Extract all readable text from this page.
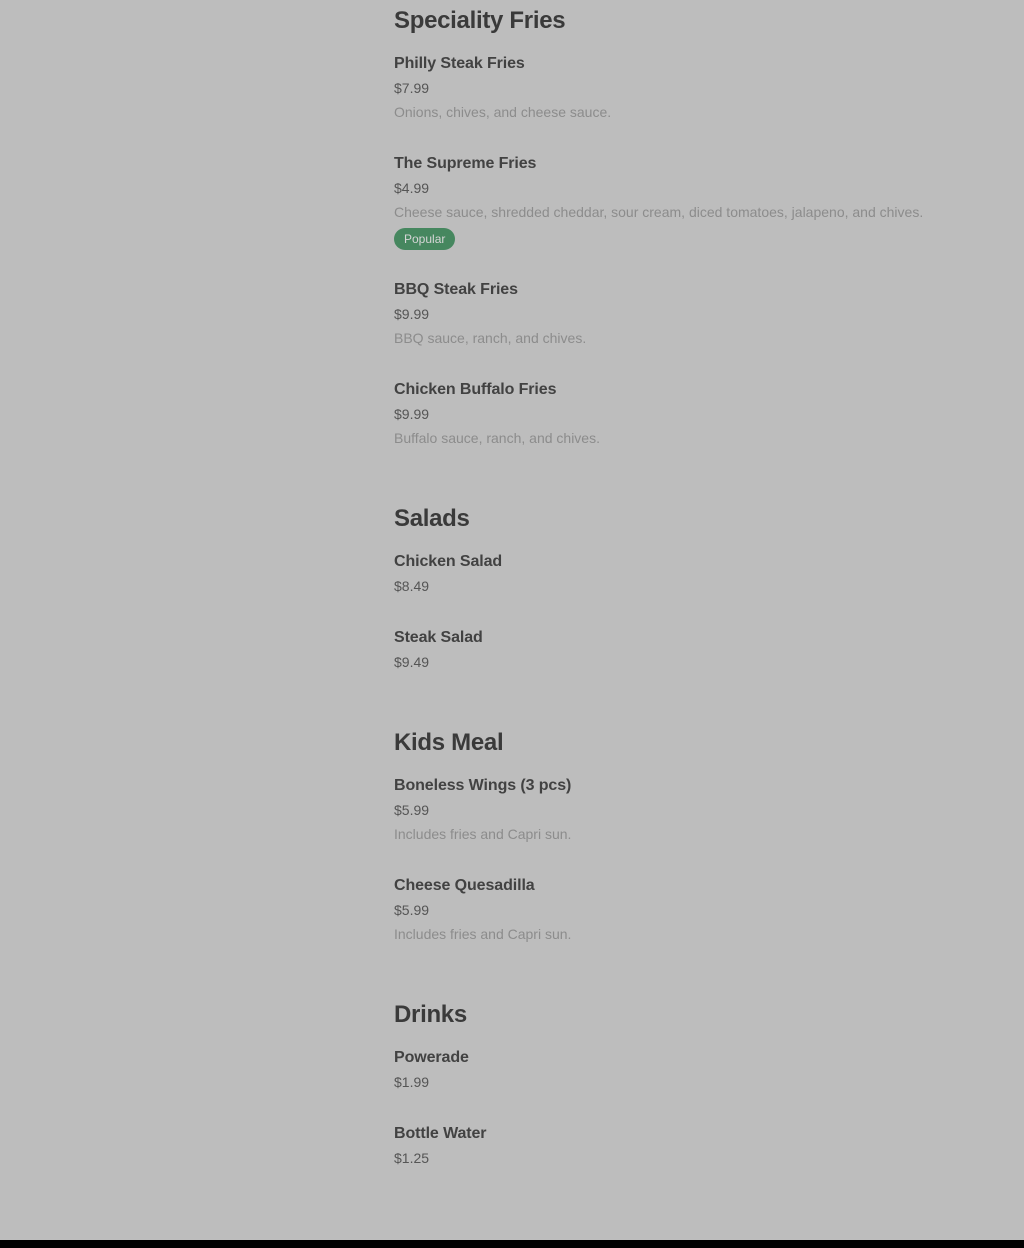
Speciality Fries
Philly Steak Fries
$7.99
Onions, chives, and cheese sauce.
The Supreme Fries
$4.99
Cheese sauce, shredded cheddar, sour cream, diced tomatoes, jalapeno, and chives.
Popular
BBQ Steak Fries
$9.99
BBQ sauce, ranch, and chives.
Chicken Buffalo Fries
$9.99
Buffalo sauce, ranch, and chives.
Salads
Chicken Salad
$8.49
Steak Salad
$9.49
Kids Meal
Boneless Wings (3 pcs)
$5.99
Includes fries and Capri sun.
Cheese Quesadilla
$5.99
Includes fries and Capri sun.
Drinks
Powerade
$1.99
Bottle Water
$1.25
